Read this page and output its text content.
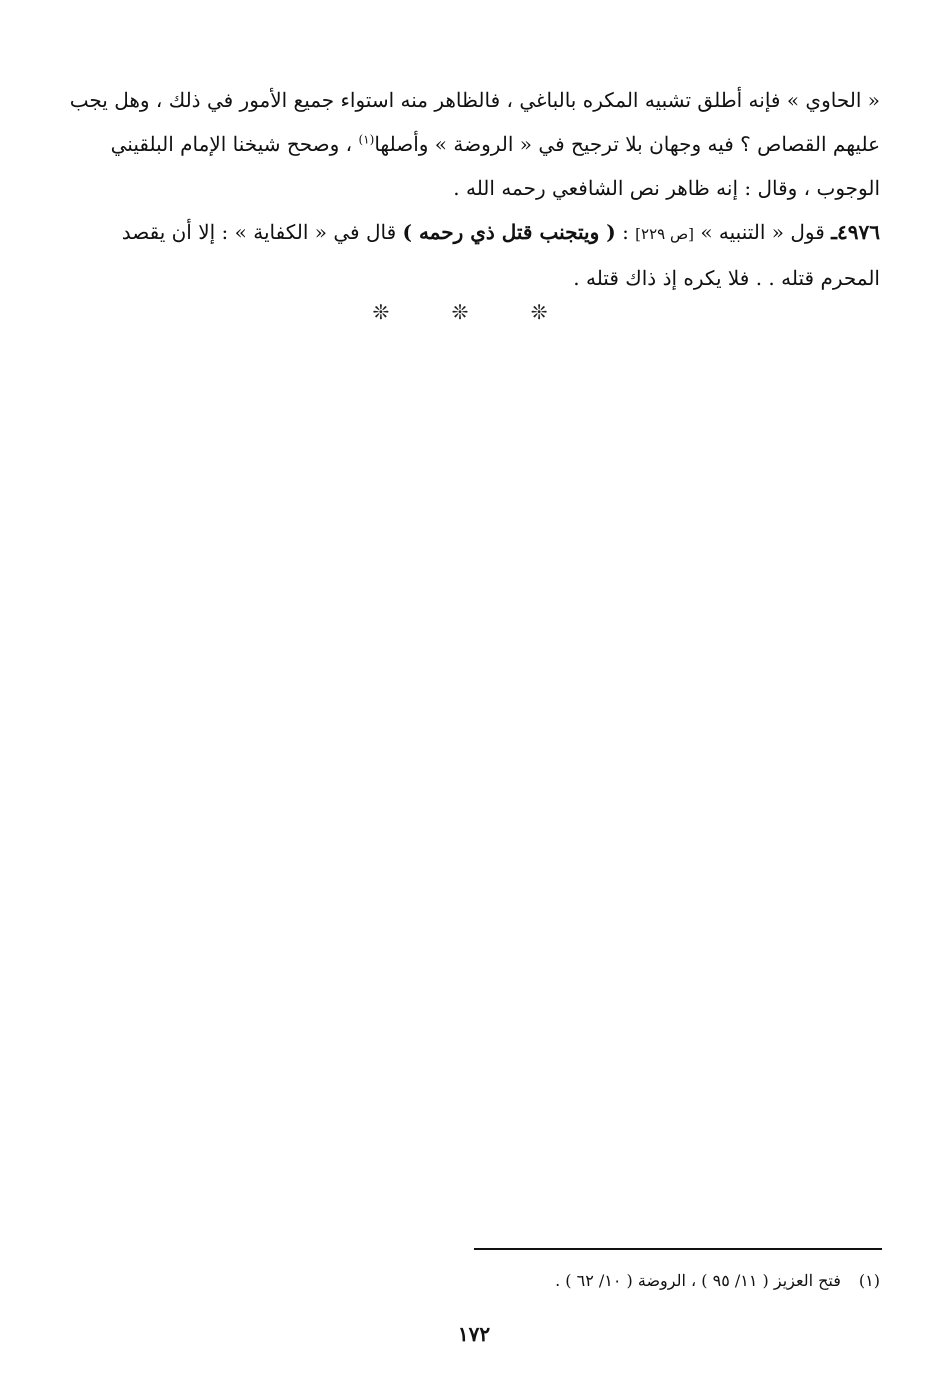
« الحاوي » فإنه أطلق تشبيه المكره بالباغي ، فالظاهر منه استواء جميع الأمور في ذلك ، وهل يجب
عليهم القصاص ؟ فيه وجهان بلا ترجيح في « الروضة » وأصلها$^{(١)}$ ، وصحح شيخنا الإمام البلقيني
الوجوب ، وقال : إنه ظاهر نص الشافعي رحمه الله .
٤٩٧٦ـ قول « التنبيه » [ص ٢٢٩] : ( ويتجنب قتل ذي رحمه ) قال في « الكفاية » : إلا أن يقصد
المحرم قتله . . فلا يكره إذ ذاك قتله .
❊ ❊ ❊
(١)فتح العزيز ( ١١/ ٩٥ ) ، الروضة ( ١٠/ ٦٢ ) .
١٧٢
